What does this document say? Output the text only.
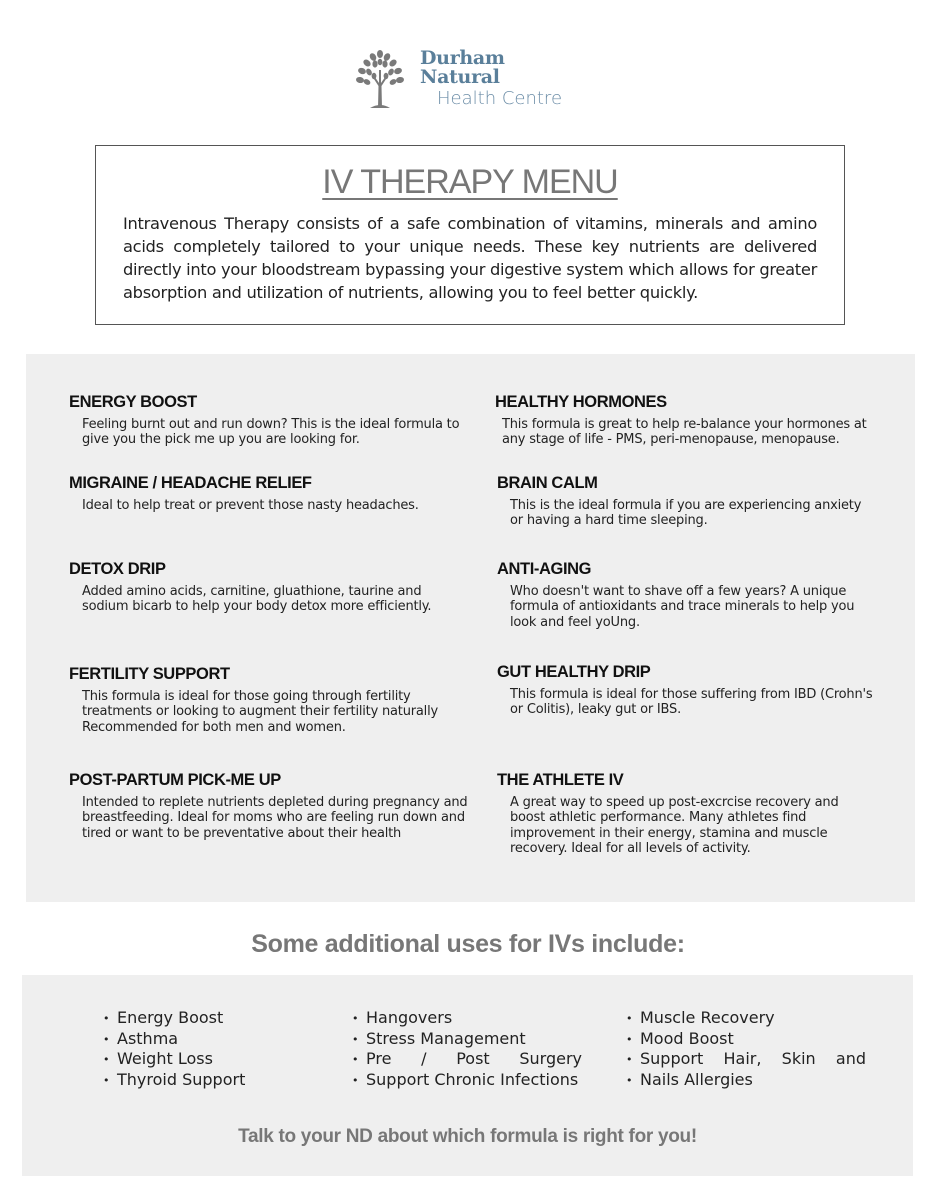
Durham Natural
Health Centre
IV THERAPY MENU

Intravenous Therapy consists of a safe combination of vitamins, minerals and amino acids completely tailored to your unique needs. These key nutrients are delivered directly into your bloodstream bypassing your digestive system which allows for greater absorption and utilization of nutrients, allowing you to feel better quickly.

ENERGY BOOST
Feeling burnt out and run down? This is the ideal formula to give you the pick me up you are looking for.
MIGRAINE / HEADACHE RELIEF
Ideal to help treat or prevent those nasty headaches.
DETOX DRIP
Added amino acids, carnitine, gluathione, taurine and sodium bicarb to help your body detox more efficiently.
FERTILITY SUPPORT
This formula is ideal for those going through fertility treatments or looking to augment their fertility naturally Recommended for both men and women.
POST-PARTUM PICK-ME UP
Intended to replete nutrients depleted during pregnancy and breastfeeding. Ideal for moms who are feeling run down and tired or want to be preventative about their health
HEALTHY HORMONES
This formula is great to help re-balance your hormones at any stage of life - PMS, peri-menopause, menopause.
BRAIN CALM
This is the ideal formula if you are experiencing anxiety or having a hard time sleeping.
ANTI-AGING
Who doesn't want to shave off a few years? A unique formula of antioxidants and trace minerals to help you look and feel yoUng.
GUT HEALTHY DRIP
This formula is ideal for those suffering from IBD (Crohn's or Colitis), leaky gut or IBS.
THE ATHLETE IV
A great way to speed up post-excrcise recovery and boost athletic performance. Many athletes find improvement in their energy, stamina and muscle recovery. Ideal for all levels of activity.
Some additional uses for IVs include:
• Energy Boost
• Asthma
• Weight Loss
• Thyroid Support
• Hangovers
• Stress Management
• Pre / Post Surgery
• Support Chronic Infections
• Muscle Recovery
• Mood Boost
• Support Hair, Skin and
• Nails Allergies
Talk to your ND about which formula is right for you!
